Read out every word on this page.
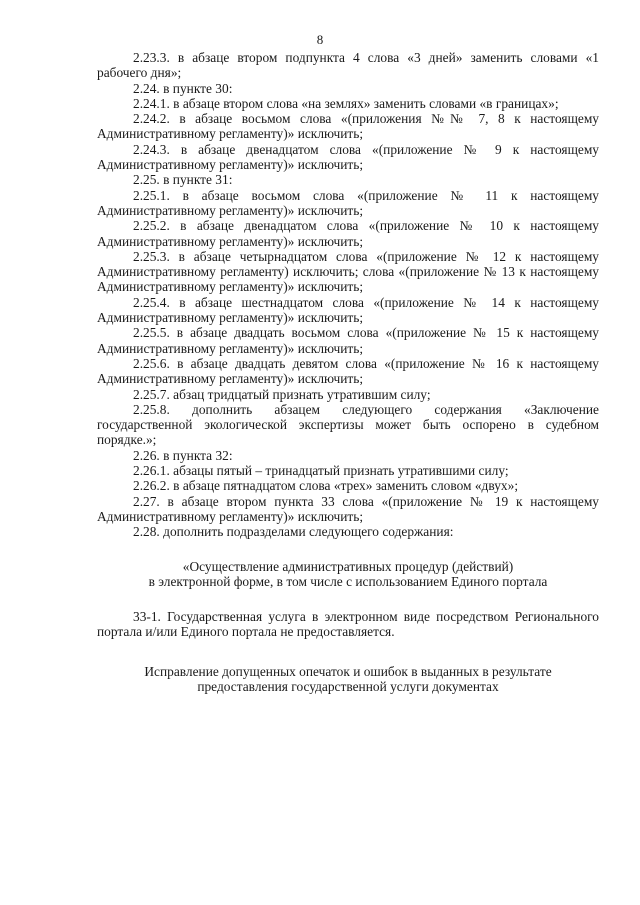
8

2.23.3. в абзаце втором подпункта 4 слова «3 дней» заменить словами «1 рабочего дня»;

2.24. в пункте 30:

2.24.1. в абзаце втором слова «на землях» заменить словами «в границах»;

2.24.2. в абзаце восьмом слова «(приложения №№ 7, 8 к настоящему Административному регламенту)» исключить;

2.24.3. в абзаце двенадцатом слова «(приложение № 9 к настоящему Административному регламенту)» исключить;

2.25. в пункте 31:

2.25.1. в абзаце восьмом слова «(приложение № 11 к настоящему Административному регламенту)» исключить;

2.25.2. в абзаце двенадцатом слова «(приложение № 10 к настоящему Административному регламенту)» исключить;

2.25.3. в абзаце четырнадцатом слова «(приложение № 12 к настоящему Административному регламенту) исключить; слова «(приложение № 13 к настоящему Административному регламенту)» исключить;

2.25.4. в абзаце шестнадцатом слова «(приложение № 14 к настоящему Административному регламенту)» исключить;

2.25.5. в абзаце двадцать восьмом слова «(приложение № 15 к настоящему Административному регламенту)» исключить;

2.25.6. в абзаце двадцать девятом слова «(приложение № 16 к настоящему Административному регламенту)» исключить;

2.25.7. абзац тридцатый признать утратившим силу;

2.25.8. дополнить абзацем следующего содержания «Заключение государственной экологической экспертизы может быть оспорено в судебном порядке.»;

2.26. в пункта 32:

2.26.1. абзацы пятый – тринадцатый признать утратившими силу;

2.26.2. в абзаце пятнадцатом слова «трех» заменить словом «двух»;

2.27. в абзаце втором пункта 33 слова «(приложение № 19 к настоящему Административному регламенту)» исключить;

2.28. дополнить подразделами следующего содержания:

«Осуществление административных процедур (действий)

в электронной форме, в том числе с использованием Единого портала

33-1. Государственная услуга в электронном виде посредством Регионального портала и/или Единого портала не предоставляется.

Исправление допущенных опечаток и ошибок в выданных в результате

предоставления государственной услуги документах
